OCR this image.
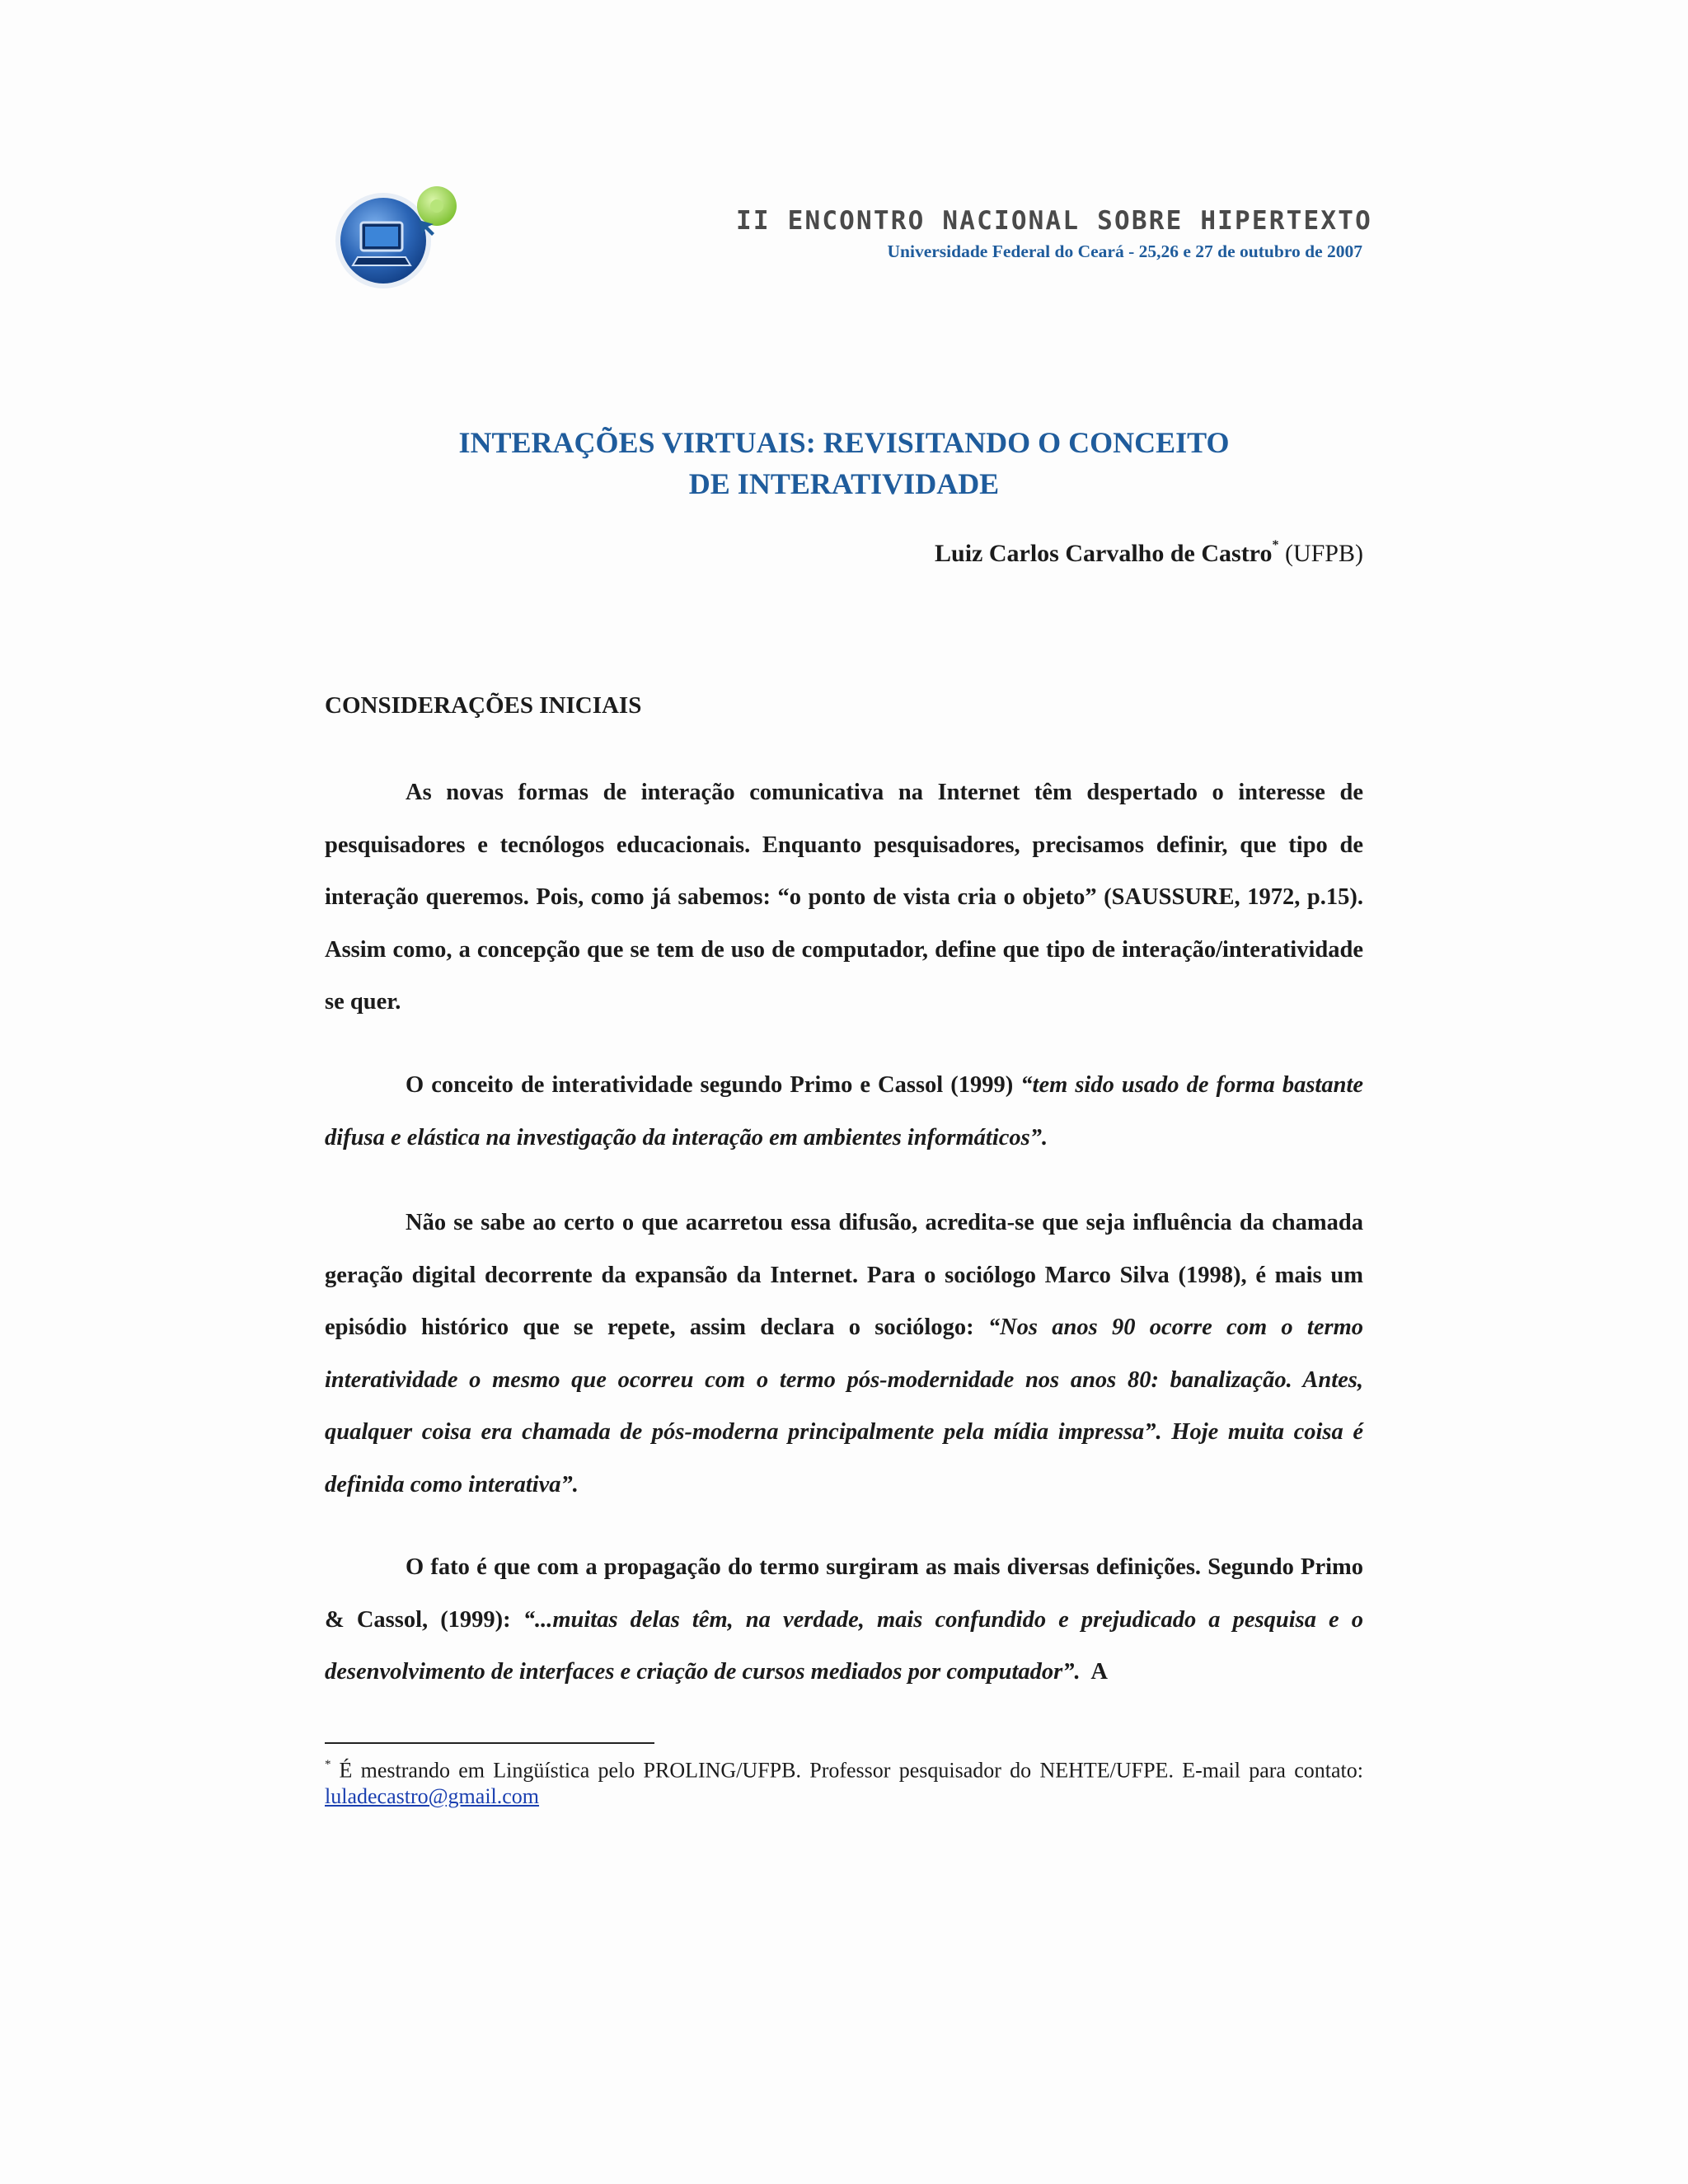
II ENCONTRO NACIONAL SOBRE HIPERTEXTO
Universidade Federal do Ceará - 25,26 e 27 de outubro de 2007
INTERAÇÕES VIRTUAIS: REVISITANDO O CONCEITO
DE INTERATIVIDADE
Luiz Carlos Carvalho de Castro* (UFPB)
CONSIDERAÇÕES INICIAIS
As novas formas de interação comunicativa na Internet têm despertado o interesse de pesquisadores e tecnólogos educacionais. Enquanto pesquisadores, precisamos definir, que tipo de interação queremos. Pois, como já sabemos: “o ponto de vista cria o objeto” (SAUSSURE, 1972, p.15). Assim como, a concepção que se tem de uso de computador, define que tipo de interação/interatividade se quer.
O conceito de interatividade segundo Primo e Cassol (1999) “tem sido usado de forma bastante difusa e elástica na investigação da interação em ambientes informáticos”.
Não se sabe ao certo o que acarretou essa difusão, acredita-se que seja influência da chamada geração digital decorrente da expansão da Internet. Para o sociólogo Marco Silva (1998), é mais um episódio histórico que se repete, assim declara o sociólogo: “Nos anos 90 ocorre com o termo interatividade o mesmo que ocorreu com o termo pós-modernidade nos anos 80: banalização. Antes, qualquer coisa era chamada de pós-moderna principalmente pela mídia impressa”. Hoje muita coisa é definida como interativa”.
O fato é que com a propagação do termo surgiram as mais diversas definições. Segundo Primo & Cassol, (1999): “...muitas delas têm, na verdade, mais confundido e prejudicado a pesquisa e o desenvolvimento de interfaces e criação de cursos mediados por computador”.  A
* É mestrando em Lingüística pelo PROLING/UFPB. Professor pesquisador do NEHTE/UFPE. E-mail para contato: luladecastro@gmail.com
